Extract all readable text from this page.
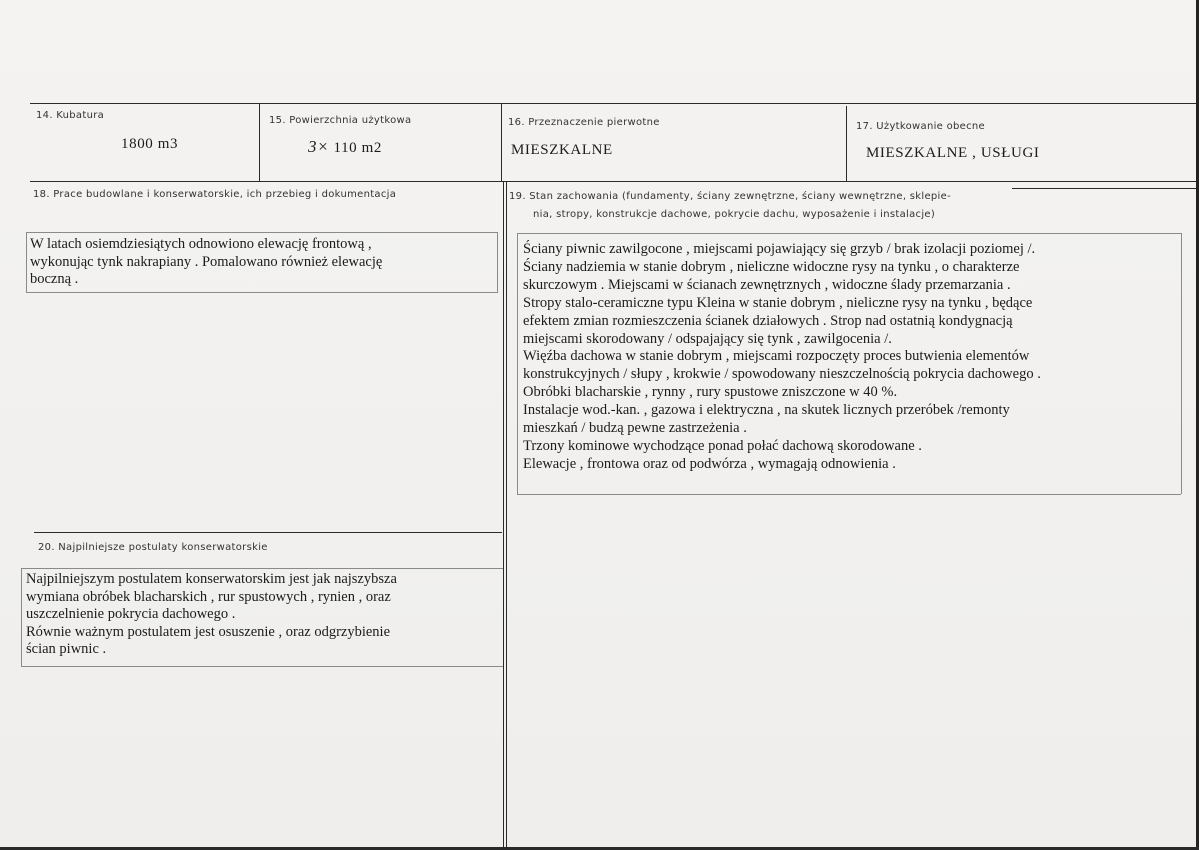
14. Kubatura
1800 m3
15. Powierzchnia użytkowa
3× 110 m2
16. Przeznaczenie pierwotne
MIESZKALNE
17. Użytkowanie obecne
MIESZKALNE , USŁUGI
18. Prace budowlane i konserwatorskie, ich przebieg i dokumentacja
W latach osiemdziesiątych odnowiono elewację frontową ,
wykonując tynk nakrapiany . Pomalowano również elewację
boczną .
20. Najpilniejsze postulaty konserwatorskie
Najpilniejszym postulatem konserwatorskim jest jak najszybsza
wymiana obróbek blacharskich , rur spustowych , rynien , oraz
uszczelnienie pokrycia dachowego .
Równie ważnym postulatem jest osuszenie , oraz odgrzybienie
ścian piwnic .
19. Stan zachowania (fundamenty, ściany zewnętrzne, ściany wewnętrzne, sklepie-
nia, stropy, konstrukcje dachowe, pokrycie dachu, wyposażenie i instalacje)
Ściany piwnic zawilgocone , miejscami pojawiający się grzyb / brak izolacji poziomej /.
Ściany nadziemia w stanie dobrym , nieliczne widoczne rysy na tynku , o charakterze
skurczowym . Miejscami w ścianach zewnętrznych , widoczne ślady przemarzania .
Stropy stalo-ceramiczne typu Kleina w stanie dobrym , nieliczne rysy na tynku , będące
efektem zmian rozmieszczenia ścianek działowych . Strop nad ostatnią kondygnacją
miejscami skorodowany / odspajający się tynk , zawilgocenia /.
Więźba dachowa w stanie dobrym , miejscami rozpoczęty proces butwienia elementów
konstrukcyjnych / słupy , krokwie / spowodowany nieszczelnością pokrycia dachowego .
Obróbki blacharskie , rynny , rury spustowe zniszczone w 40 %.
Instalacje wod.-kan. , gazowa i elektryczna , na skutek licznych przeróbek /remonty
mieszkań / budzą pewne zastrzeżenia .
Trzony kominowe wychodzące ponad połać dachową skorodowane .
Elewacje , frontowa oraz od podwórza , wymagają odnowienia .
